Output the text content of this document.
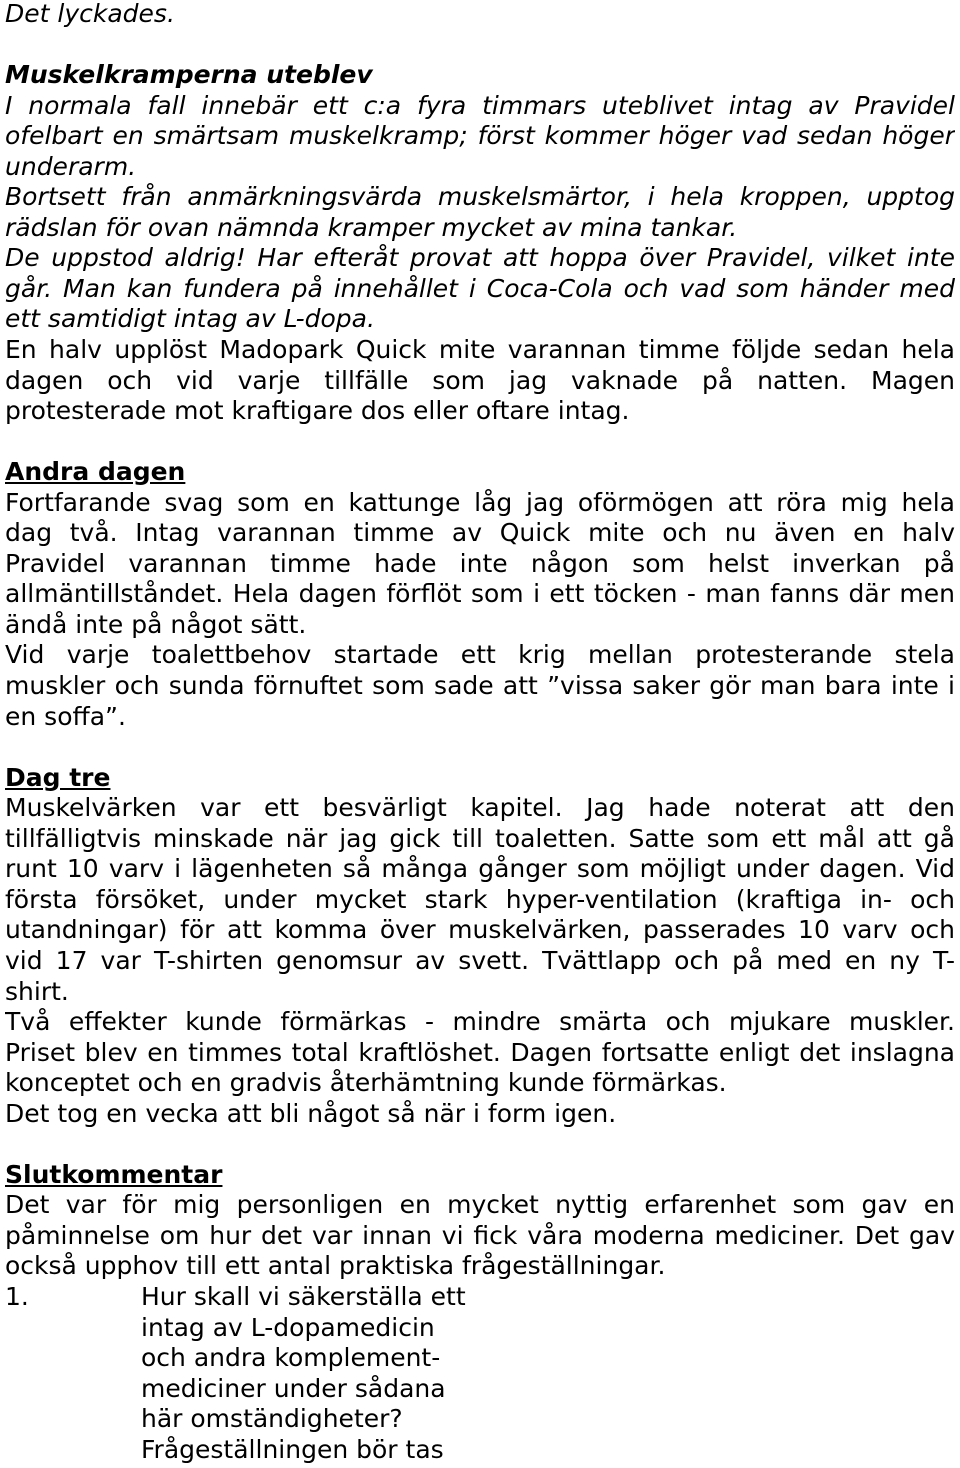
Det lyckades.
Muskelkramperna uteblev
I normala fall innebär ett c:a fyra timmars uteblivet intag av Pravidel
ofelbart en smärtsam muskelkramp; först kommer höger vad sedan höger
underarm.
Bortsett från anmärkningsvärda muskelsmärtor, i hela kroppen, upptog
rädslan för ovan nämnda kramper mycket av mina tankar.
De uppstod aldrig! Har efteråt provat att hoppa över Pravidel, vilket inte
går. Man kan fundera på innehållet i Coca-Cola och vad som händer med
ett samtidigt intag av L-dopa.
En halv upplöst Madopark Quick mite varannan timme följde sedan hela
dagen och vid varje tillfälle som jag vaknade på natten. Magen
protesterade mot kraftigare dos eller oftare intag.
Andra dagen
Fortfarande svag som en kattunge låg jag oförmögen att röra mig hela
dag två. Intag varannan timme av Quick mite och nu även en halv
Pravidel varannan timme hade inte någon som helst inverkan på
allmäntillståndet. Hela dagen förflöt som i ett töcken - man fanns där men
ändå inte på något sätt.
Vid varje toalettbehov startade ett krig mellan protesterande stela
muskler och sunda förnuftet som sade att ”vissa saker gör man bara inte i
en soffa”.
Dag tre
Muskelvärken var ett besvärligt kapitel. Jag hade noterat att den
tillfälligtvis minskade när jag gick till toaletten. Satte som ett mål att gå
runt 10 varv i lägenheten så många gånger som möjligt under dagen. Vid
första försöket, under mycket stark hyper-ventilation (kraftiga in- och
utandningar) för att komma över muskelvärken, passerades 10 varv och
vid 17 var T-shirten genomsur av svett. Tvättlapp och på med en ny T-
shirt.
Två effekter kunde förmärkas - mindre smärta och mjukare muskler.
Priset blev en timmes total kraftlöshet. Dagen fortsatte enligt det inslagna
konceptet och en gradvis återhämtning kunde förmärkas.
Det tog en vecka att bli något så när i form igen.
Slutkommentar
Det var för mig personligen en mycket nyttig erfarenhet som gav en
påminnelse om hur det var innan vi fick våra moderna mediciner. Det gav
också upphov till ett antal praktiska frågeställningar.
1.	Hur skall vi säkerställa ett
intag av L-dopamedicin
och andra komplement-
mediciner under sådana
här omständigheter?
Frågeställningen bör tas
